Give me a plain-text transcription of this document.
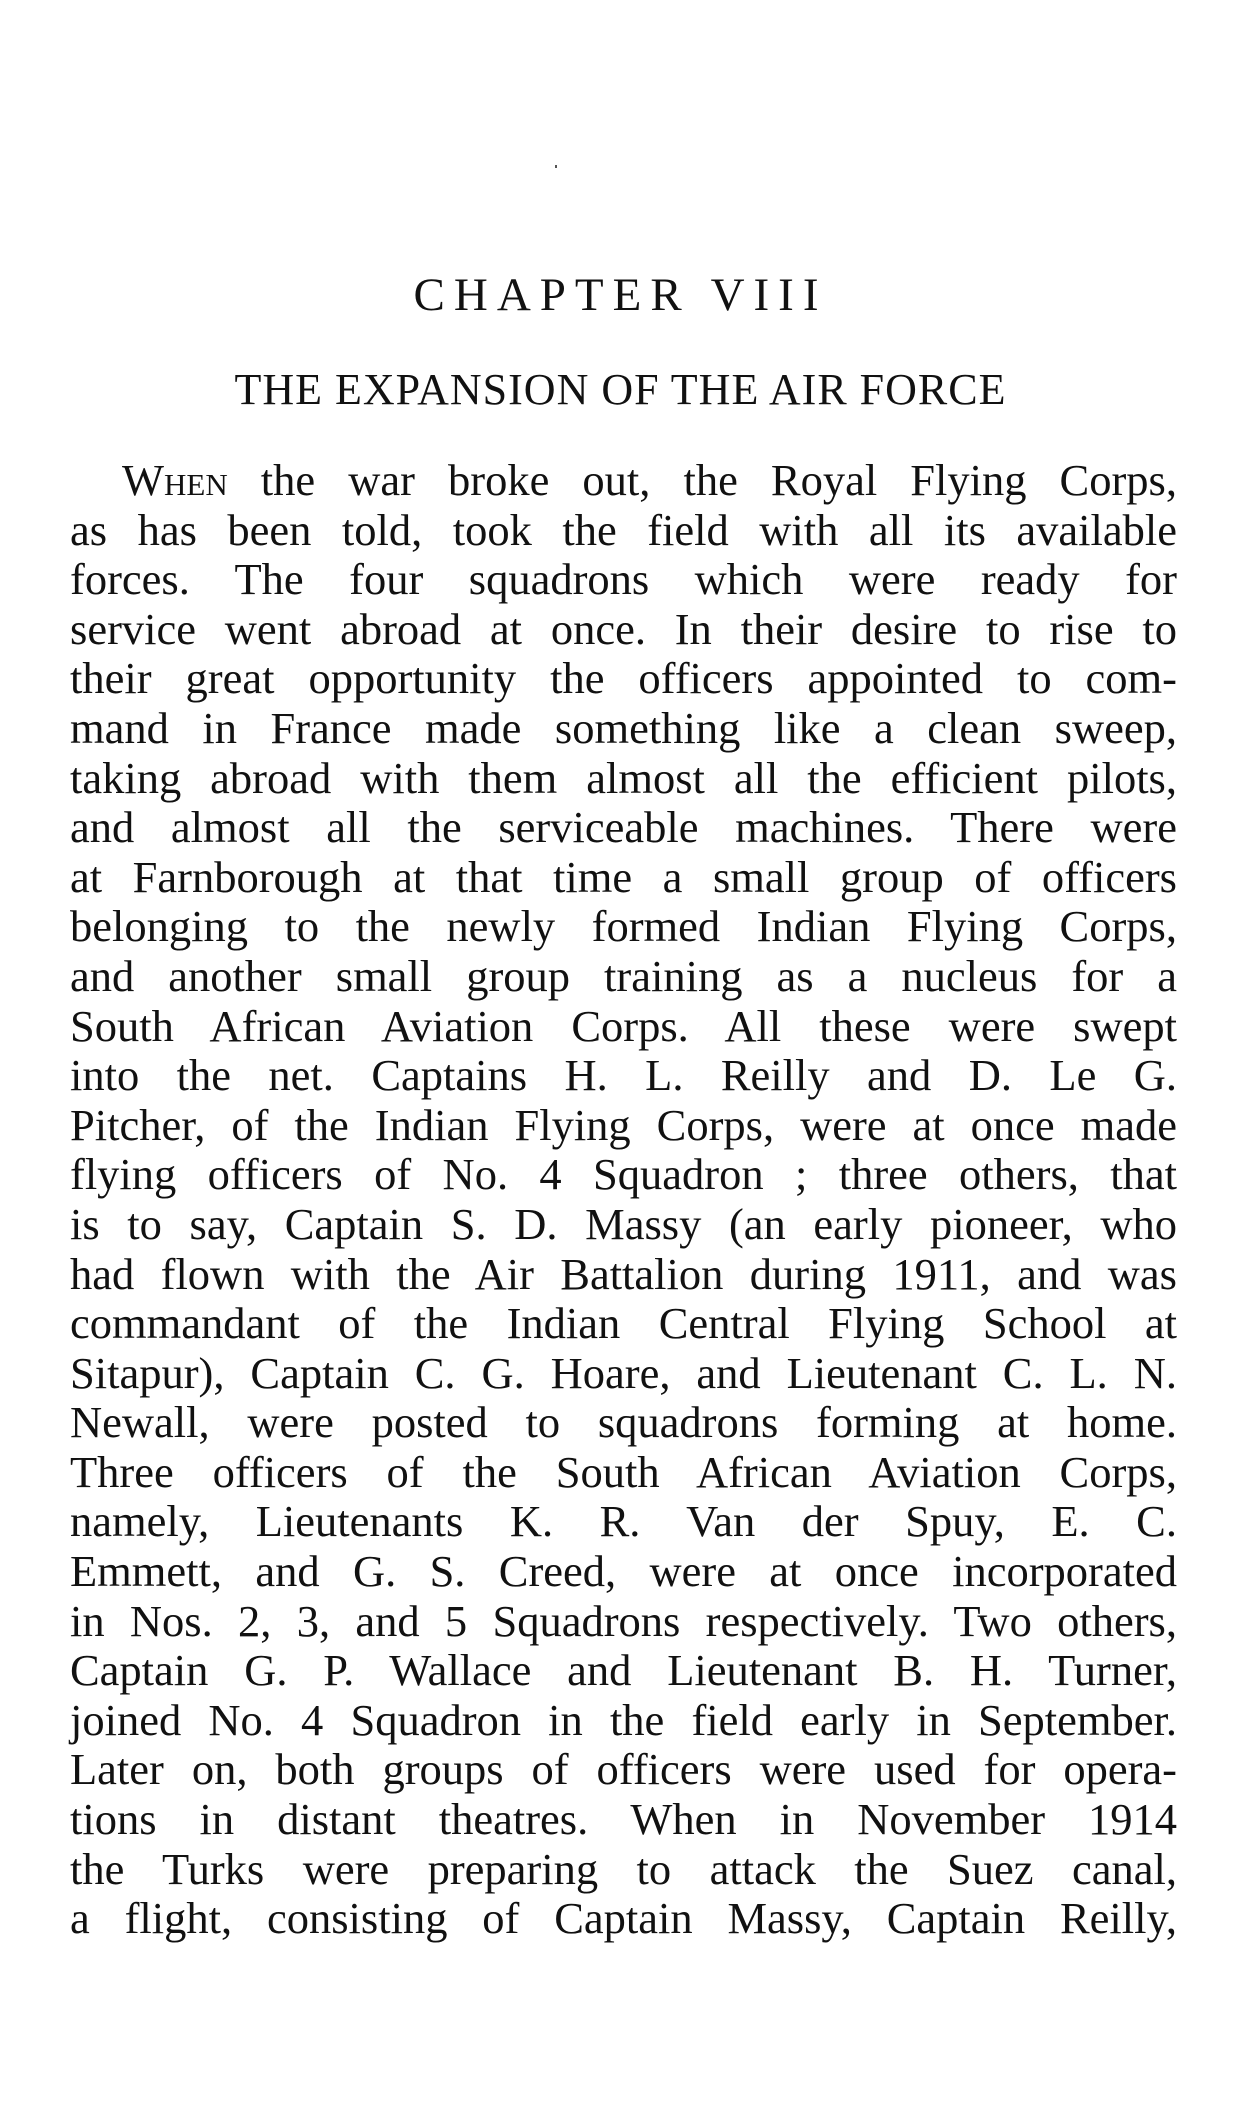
CHAPTER VIII
THE EXPANSION OF THE AIR FORCE
When the war broke out, the Royal Flying Corps,
as has been told, took the field with all its available
forces. The four squadrons which were ready for
service went abroad at once. In their desire to rise to
their great opportunity the officers appointed to com-
mand in France made something like a clean sweep,
taking abroad with them almost all the efficient pilots,
and almost all the serviceable machines. There were
at Farnborough at that time a small group of officers
belonging to the newly formed Indian Flying Corps,
and another small group training as a nucleus for a
South African Aviation Corps. All these were swept
into the net. Captains H. L. Reilly and D. Le G.
Pitcher, of the Indian Flying Corps, were at once made
flying officers of No. 4 Squadron ; three others, that
is to say, Captain S. D. Massy (an early pioneer, who
had flown with the Air Battalion during 1911, and was
commandant of the Indian Central Flying School at
Sitapur), Captain C. G. Hoare, and Lieutenant C. L. N.
Newall, were posted to squadrons forming at home.
Three officers of the South African Aviation Corps,
namely, Lieutenants K. R. Van der Spuy, E. C.
Emmett, and G. S. Creed, were at once incorporated
in Nos. 2, 3, and 5 Squadrons respectively. Two others,
Captain G. P. Wallace and Lieutenant B. H. Turner,
joined No. 4 Squadron in the field early in September.
Later on, both groups of officers were used for opera-
tions in distant theatres. When in November 1914
the Turks were preparing to attack the Suez canal,
a flight, consisting of Captain Massy, Captain Reilly,
